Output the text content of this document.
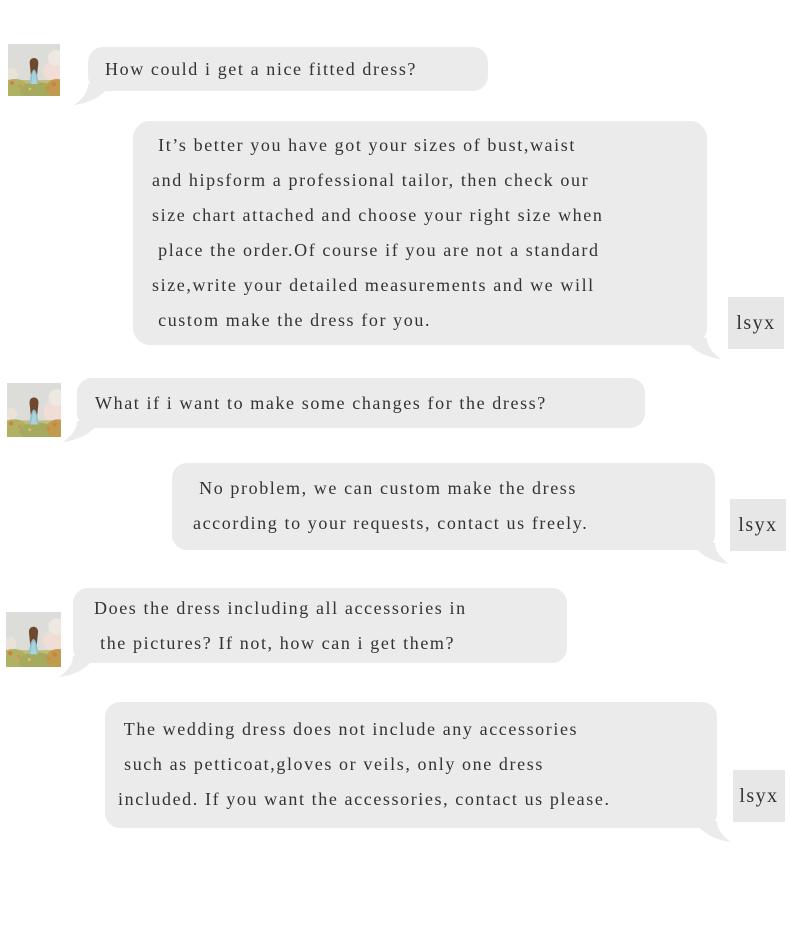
How could i get a nice fitted dress?
It’s better you have got your sizes of bust,waist
and hipsform a professional tailor, then check our
size chart attached and choose your right size when
place the order.Of course if you are not a standard
size,write your detailed measurements and we will
custom make the dress for you.	lsyx
What if i want to make some changes for the dress?
No problem, we can custom make the dress
according to your requests, contact us freely.	lsyx
Does the dress including all accessories in
the pictures? If not, how can i get them?
The wedding dress does not include any accessories
such as petticoat,gloves or veils, only one dress
included. If you want the accessories, contact us please.	lsyx
